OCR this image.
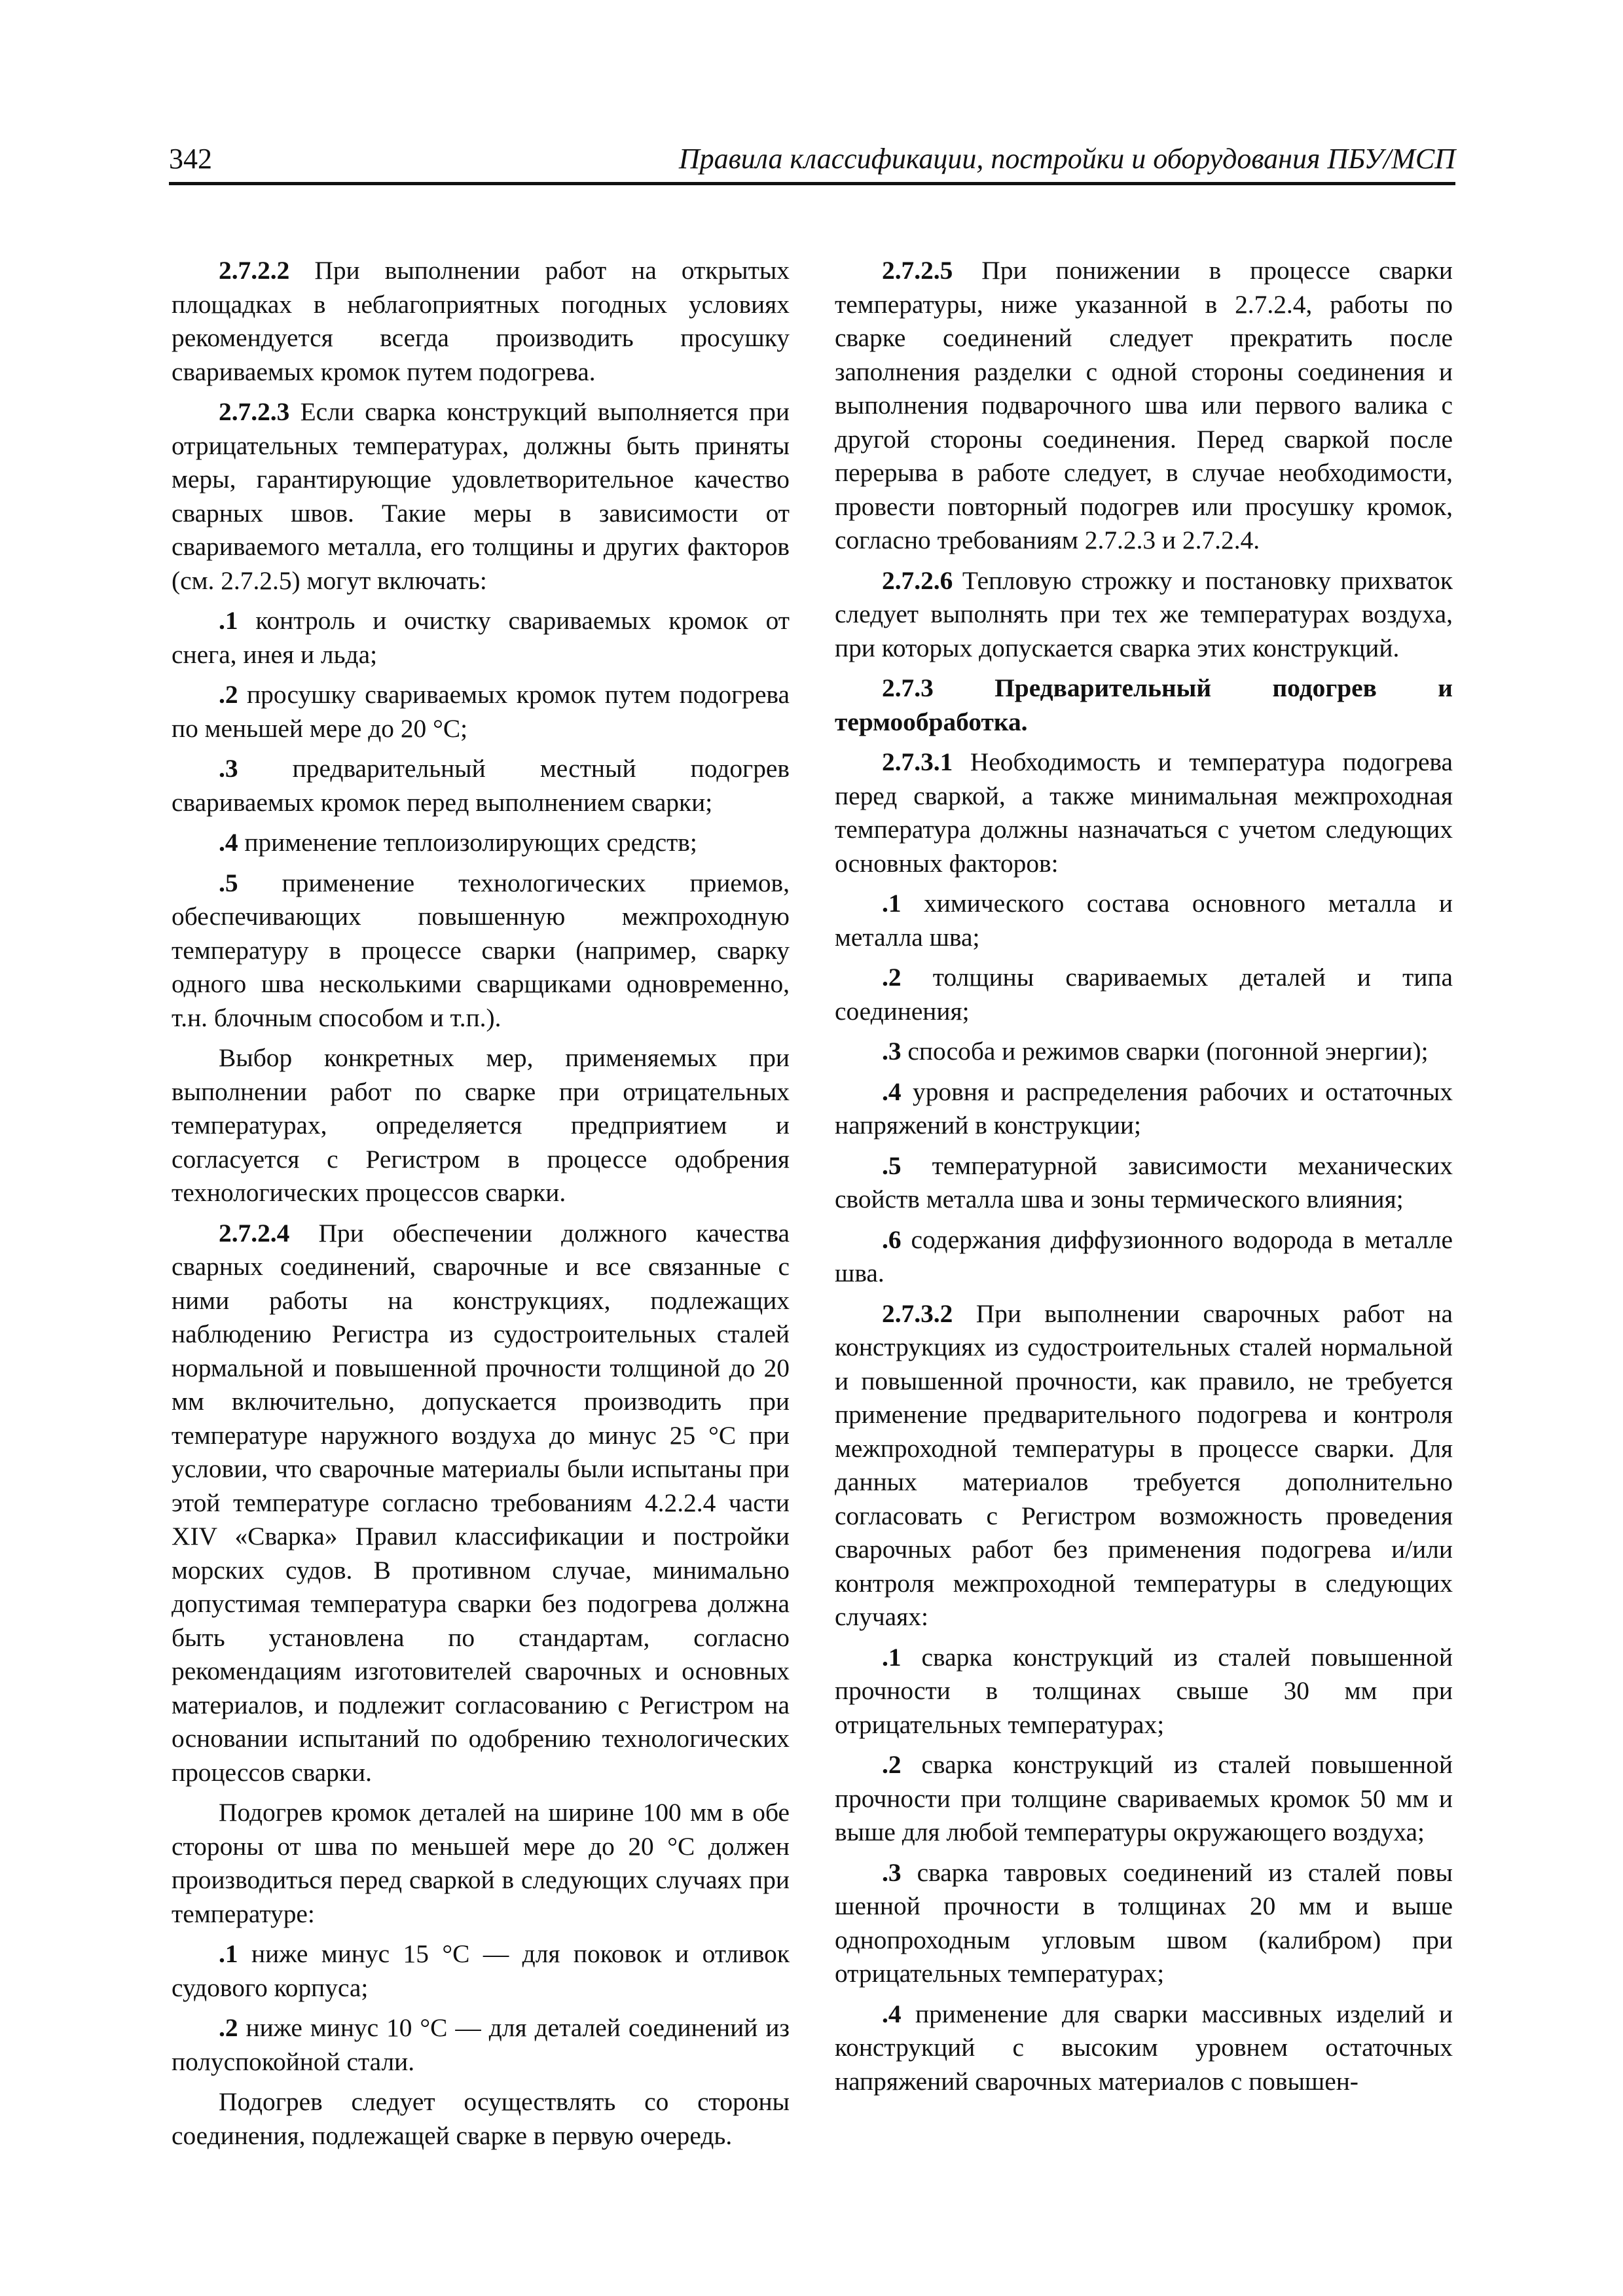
342	Правила классификации, постройки и оборудования ПБУ/МСП

2.7.2.2 При выполнении работ на открытых площадках в неблагоприятных погодных условиях рекомендуется всегда производить просушку свариваемых кромок путем подогрева.

2.7.2.3 Если сварка конструкций выполняется при отрицательных температурах, должны быть приняты меры, гарантирующие удовлетворительное качество сварных швов. Такие меры в зависимости от свариваемого металла, его толщины и других факторов (см. 2.7.2.5) могут включать:

.1 контроль и очистку свариваемых кромок от снега, инея и льда;

.2 просушку свариваемых кромок путем подогрева по меньшей мере до 20 °С;

.3 предварительный местный подогрев свариваемых кромок перед выполнением сварки;

.4 применение теплоизолирующих средств;

.5 применение технологических приемов, обеспечивающих повышенную межпроходную температуру в процессе сварки (например, сварку одного шва несколькими сварщиками одновременно, т.н. блочным способом и т.п.).

Выбор конкретных мер, применяемых при выполнении работ по сварке при отрицательных температурах, определяется предприятием и согласуется с Регистром в процессе одобрения технологических процессов сварки.

2.7.2.4 При обеспечении должного качества сварных соединений, сварочные и все связанные с ними работы на конструкциях, подлежащих наблюдению Регистра из судостроительных сталей нормальной и повышенной прочности толщиной до 20 мм включительно, допускается производить при температуре наружного воздуха до минус 25 °С при условии, что сварочные материалы были испытаны при этой температуре согласно требованиям 4.2.2.4 части XIV «Сварка» Правил классификации и постройки морских судов. В противном случае, минимально допустимая температура сварки без подогрева должна быть установлена по стандартам, согласно рекомендациям изготовителей сварочных и основных материалов, и подлежит согласованию с Регистром на основании испытаний по одобрению технологических процессов сварки.

Подогрев кромок деталей на ширине 100 мм в обе стороны от шва по меньшей мере до 20 °С должен производиться перед сваркой в следующих случаях при температуре:

.1 ниже минус 15 °С — для поковок и отливок судового корпуса;

.2 ниже минус 10 °С — для деталей соединений из полуспокойной стали.

Подогрев следует осуществлять со стороны соединения, подлежащей сварке в первую очередь.

2.7.2.5 При понижении в процессе сварки температуры, ниже указанной в 2.7.2.4, работы по сварке соединений следует прекратить после заполнения разделки с одной стороны соединения и выполнения подварочного шва или первого валика с другой стороны соединения. Перед сваркой после перерыва в работе следует, в случае необходимости, провести повторный подогрев или просушку кромок, согласно требованиям 2.7.2.3 и 2.7.2.4.

2.7.2.6 Тепловую строжку и постановку прихваток следует выполнять при тех же температурах воздуха, при которых допускается сварка этих конструкций.

2.7.3 Предварительный подогрев и термообработка.

2.7.3.1 Необходимость и температура подогрева перед сваркой, а также минимальная межпроходная температура должны назначаться с учетом следующих основных факторов:

.1 химического состава основного металла и металла шва;

.2 толщины свариваемых деталей и типа соединения;

.3 способа и режимов сварки (погонной энергии);

.4 уровня и распределения рабочих и остаточных напряжений в конструкции;

.5 температурной зависимости механических свойств металла шва и зоны термического влияния;

.6 содержания диффузионного водорода в металле шва.

2.7.3.2 При выполнении сварочных работ на конструкциях из судостроительных сталей нормальной и повышенной прочности, как правило, не требуется применение предварительного подогрева и контроля межпроходной температуры в процессе сварки. Для данных материалов требуется дополнительно согласовать с Регистром возможность проведения сварочных работ без применения подогрева и/или контроля межпроходной температуры в следующих случаях:

.1 сварка конструкций из сталей повышенной прочности в толщинах свыше 30 мм при отрицательных температурах;

.2 сварка конструкций из сталей повышенной прочности при толщине свариваемых кромок 50 мм и выше для любой температуры окружающего воздуха;

.3 сварка тавровых соединений из сталей повы шенной прочности в толщинах 20 мм и выше однопроходным угловым швом (калибром) при отрицательных температурах;

.4 применение для сварки массивных изделий и конструкций с высоким уровнем остаточных напряжений сварочных материалов с повышен-
